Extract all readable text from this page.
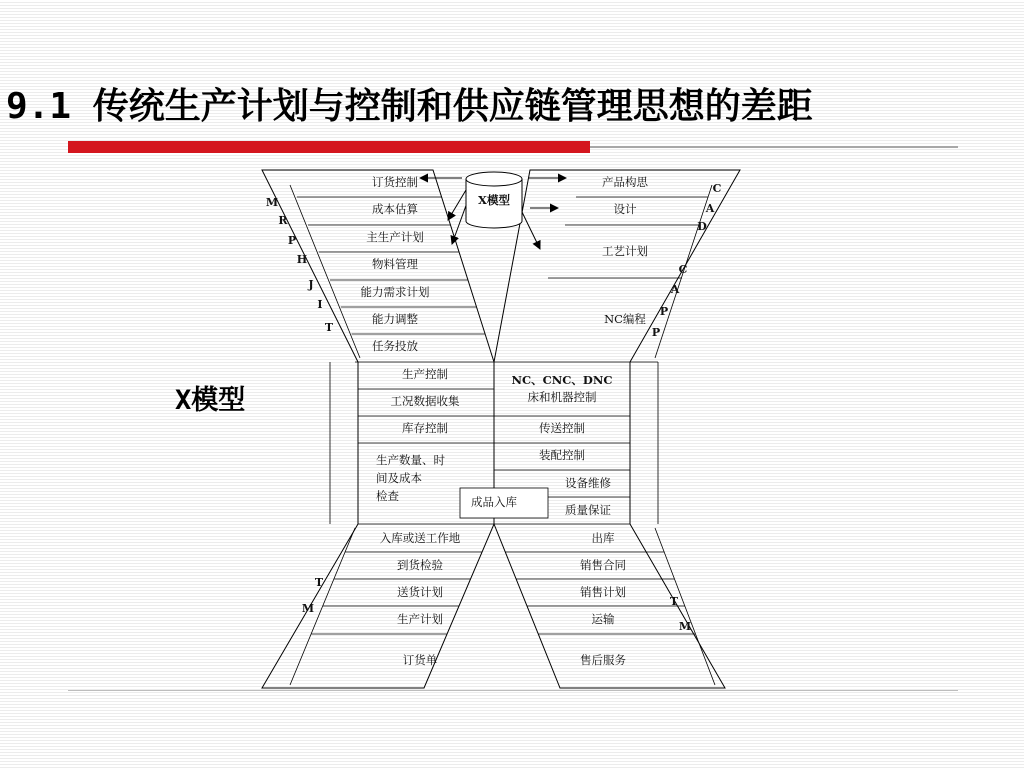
9.1 传统生产计划与控制和供应链管理思想的差距
X模型
X模型
订货控制
成本估算
主生产计划
物料管理
能力需求计划
能力调整
任务投放
产品构思
设计
工艺计划
NC编程
生产控制
工况数据收集
库存控制
生产数量、时
间及成本
检查	成品入库
NC、CNC、DNC
床和机器控制
传送控制
装配控制
设备维修
质量保证
入库或送工作地
到货检验
送货计划
生产计划
订货单
出库
销售合同
销售计划
运输
售后服务
M
R
P
H
J
I
T
C
A
D
C
A
P
P
T
M
T
M
